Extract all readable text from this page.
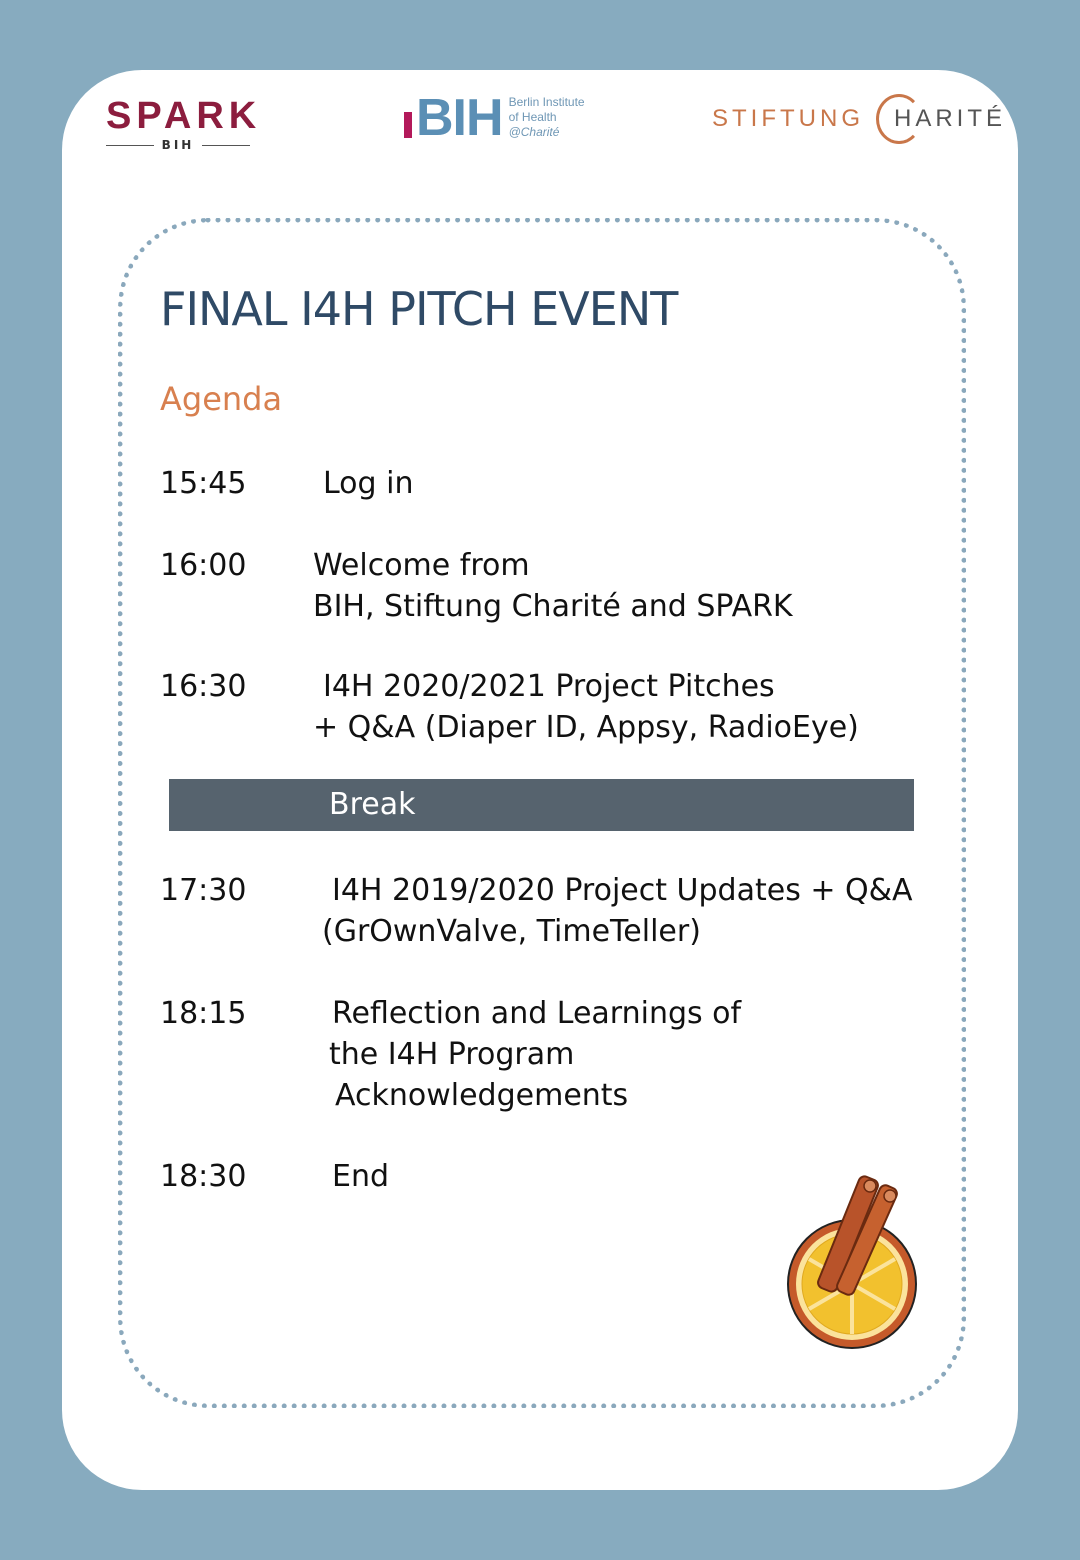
SPARK
BIH	BIH Berlin Institute
of Health
@Charité	STIFTUNG HARITÉ
FINAL I4H PITCH EVENT
Agenda
15:45	Log in
16:00	Welcome from
BIH, Stiftung Charité and SPARK
16:30	I4H 2020/2021 Project Pitches
+ Q&A (Diaper ID, Appsy, RadioEye)
Break
17:30	I4H 2019/2020 Project Updates + Q&A
(GrOwnValve, TimeTeller)
18:15	Reflection and Learnings of
the I4H Program
Acknowledgements
18:30	End
